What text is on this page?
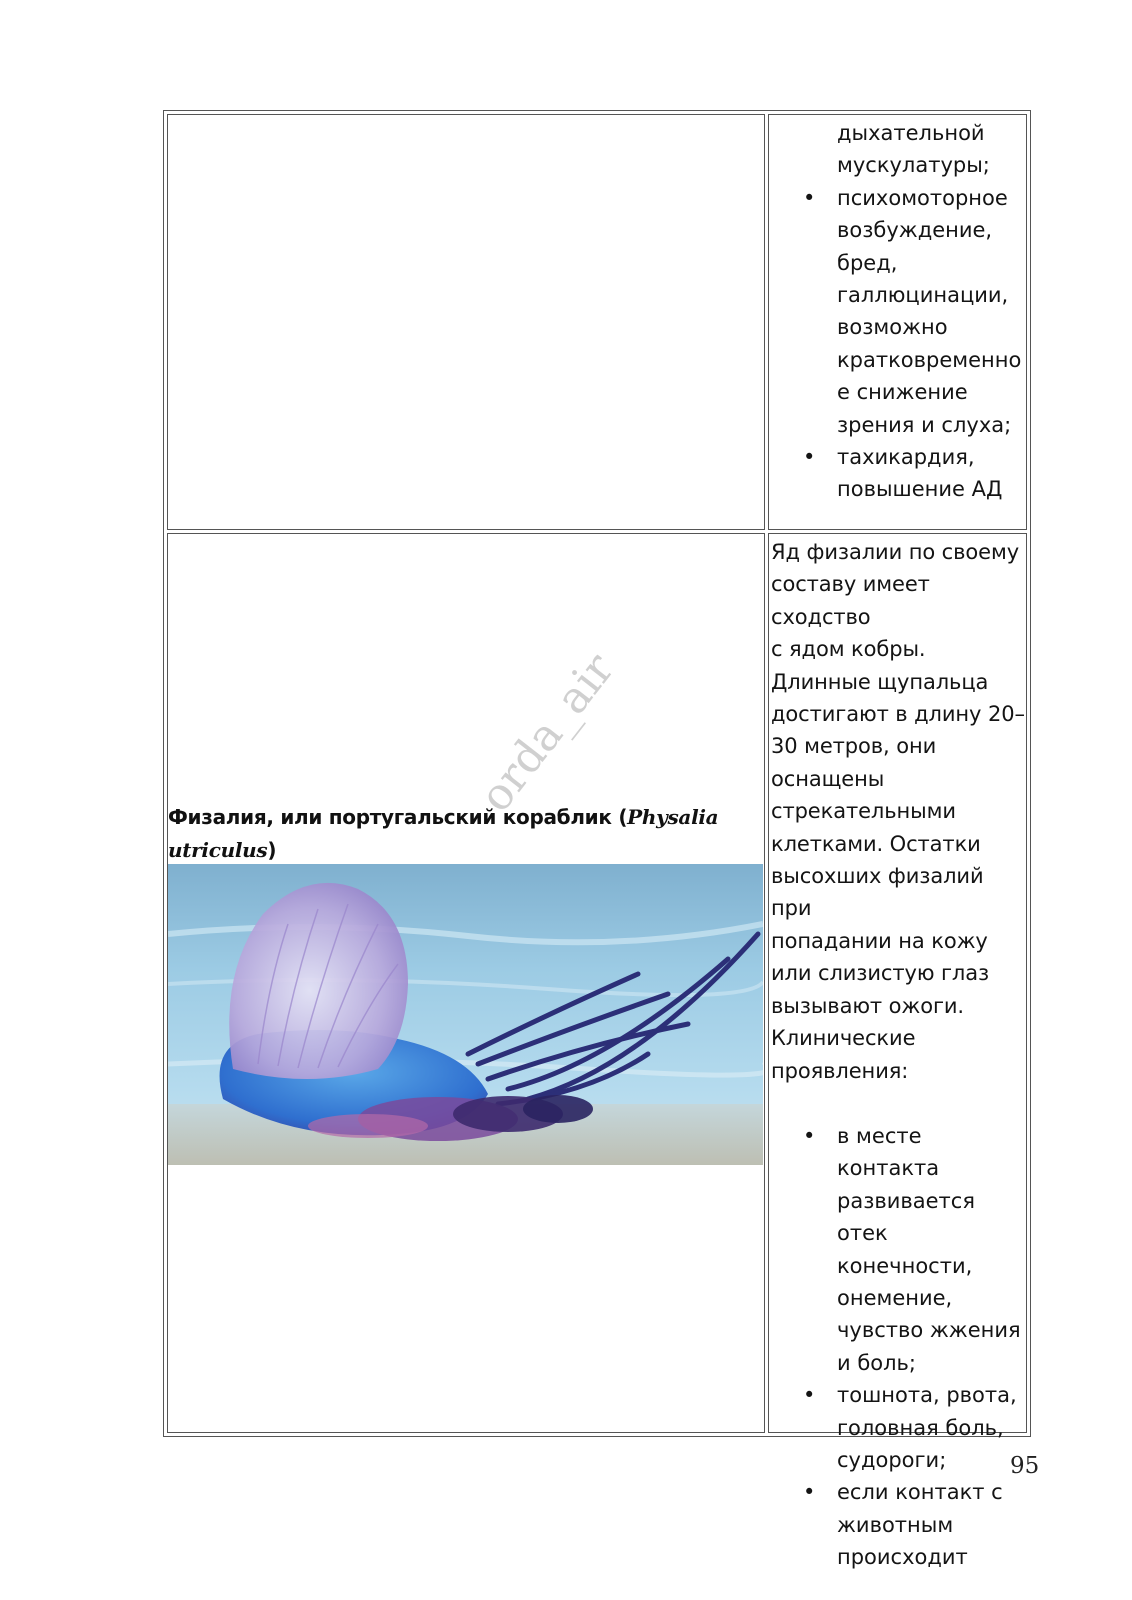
дыхательной
мускулатуры;
• психомоторное
возбуждение,
бред,
галлюцинации,
возможно
кратковременно
е снижение
зрения и слуха;
• тахикардия,
повышение АД
Физалия, или португальский кораблик (Physalia
utriculus)
orda_air
Яд физалии по своему
составу имеет сходство
с ядом кобры.
Длинные щупальца
достигают в длину 20–
30 метров, они
оснащены
стрекательными
клетками. Остатки
высохших физалий при
попадании на кожу
или слизистую глаз
вызывают ожоги.
Клинические
проявления:
• в месте контакта
развивается отек
конечности,
онемение,
чувство жжения
и боль;
• тошнота, рвота,
головная боль,
судороги;
• если контакт с
животным
происходит
95
